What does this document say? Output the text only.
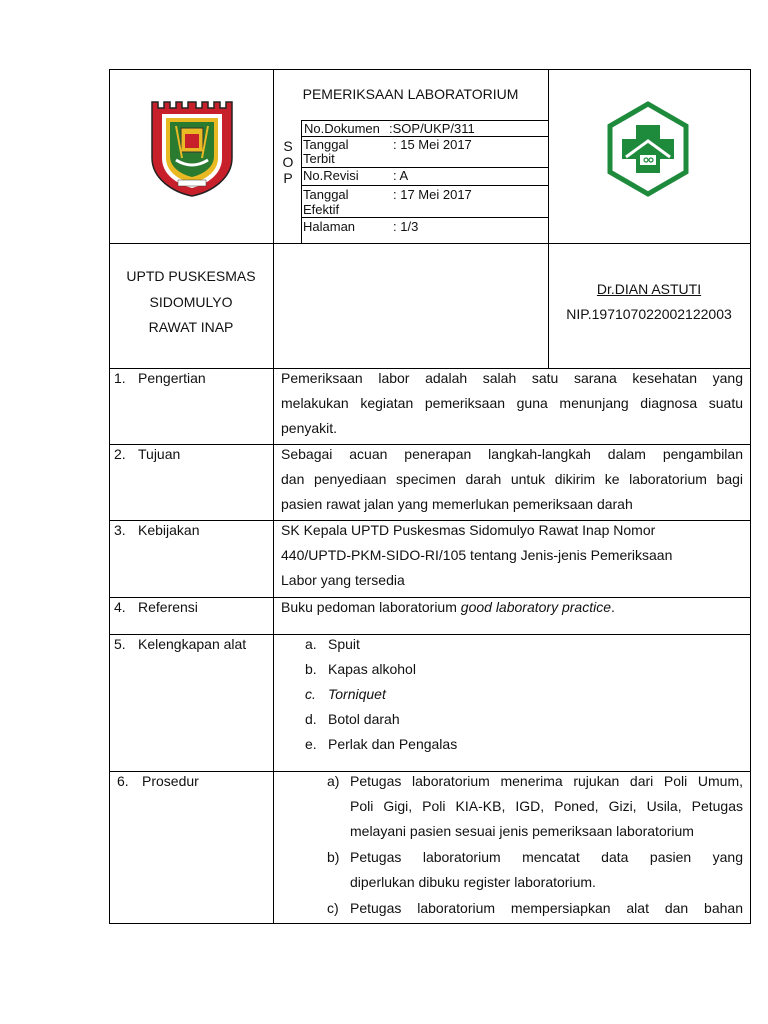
PEMERIKSAAN LABORATORIUM
S
O
P
No.Dokumen :SOP/UKP/311
Tanggal
Terbit
: 15 Mei 2017
No.Revisi	: A
Tanggal
Efektif
: 17 Mei 2017
Halaman	: 1/3
UPTD PUSKESMAS
SIDOMULYO
RAWAT INAP
Dr.DIAN ASTUTI
NIP.197107022002122003
1. Pengertian	Pemeriksaan labor adalah salah satu sarana kesehatan yang
melakukan kegiatan pemeriksaan guna menunjang diagnosa suatu
penyakit.
2. Tujuan	Sebagai acuan penerapan langkah-langkah dalam pengambilan
dan penyediaan specimen darah untuk dikirim ke laboratorium bagi
pasien rawat jalan yang memerlukan pemeriksaan darah
3. Kebijakan	SK Kepala UPTD Puskesmas Sidomulyo Rawat Inap Nomor
440/UPTD-PKM-SIDO-RI/105 tentang Jenis-jenis Pemeriksaan
Labor yang tersedia
4. Referensi	Buku pedoman laboratorium good laboratory practice.
5. Kelengkapan alat	a. Spuit
b. Kapas alkohol
c. Torniquet
d. Botol darah
e. Perlak dan Pengalas
6. Prosedur	a) Petugas laboratorium menerima rujukan dari Poli Umum,
Poli Gigi, Poli KIA-KB, IGD, Poned, Gizi, Usila, Petugas
melayani pasien sesuai jenis pemeriksaan laboratorium
b) Petugas laboratorium mencatat data pasien yang
diperlukan dibuku register laboratorium.
c) Petugas laboratorium mempersiapkan alat dan bahan
